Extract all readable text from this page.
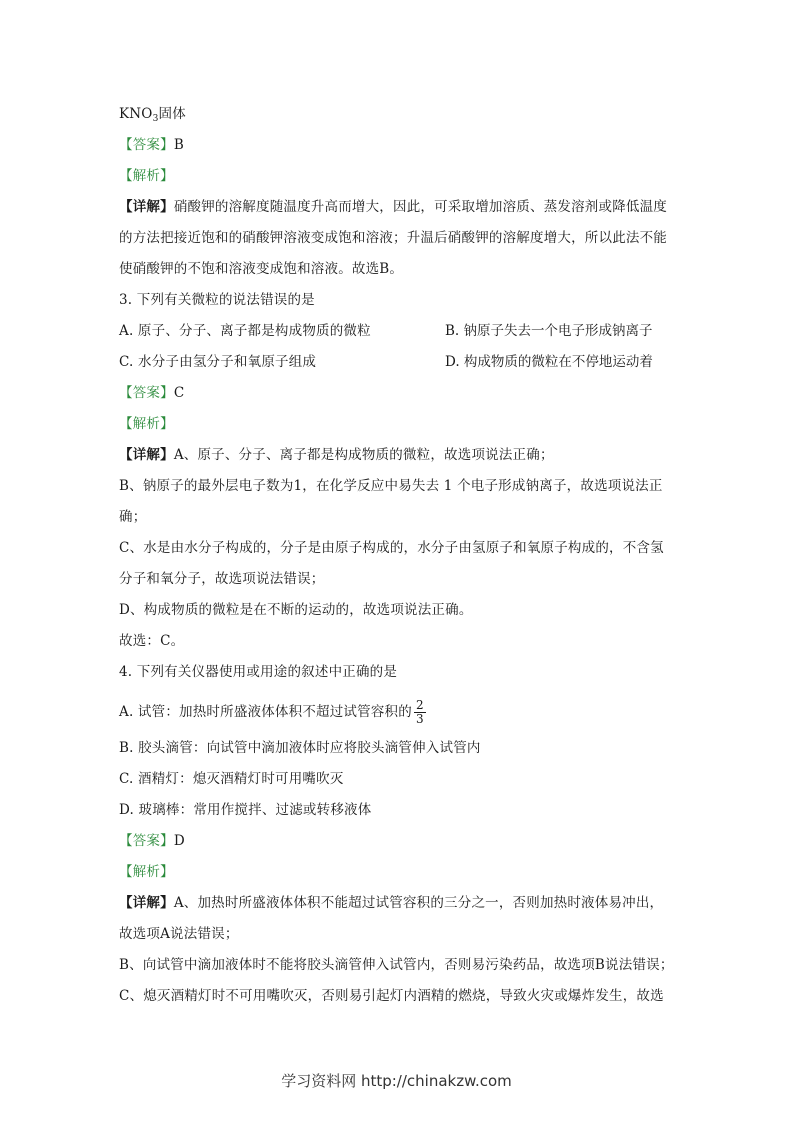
$KNO_3$固体
【答案】B
【解析】
【详解】硝酸钾的溶解度随温度升高而增大，因此，可采取增加溶质、蒸发溶剂或降低温度
的方法把接近饱和的硝酸钾溶液变成饱和溶液；升温后硝酸钾的溶解度增大，所以此法不能
使硝酸钾的不饱和溶液变成饱和溶液。故选B。
3. 下列有关微粒的说法错误的是
A. 原子、分子、离子都是构成物质的微粒	B. 钠原子失去一个电子形成钠离子
C. 水分子由氢分子和氧原子组成	D. 构成物质的微粒在不停地运动着
【答案】C
【解析】
【详解】A、原子、分子、离子都是构成物质的微粒，故选项说法正确；
B、钠原子的最外层电子数为1，在化学反应中易失去 1 个电子形成钠离子，故选项说法正
确；
C、水是由水分子构成的，分子是由原子构成的，水分子由氢原子和氧原子构成的，不含氢
分子和氧分子，故选项说法错误；
D、构成物质的微粒是在不断的运动的，故选项说法正确。
故选：C。
4. 下列有关仪器使用或用途的叙述中正确的是
A. 试管：加热时所盛液体体积不超过试管容积的 $\frac{2}{3}$
B. 胶头滴管：向试管中滴加液体时应将胶头滴管伸入试管内
C. 酒精灯：熄灭酒精灯时可用嘴吹灭
D. 玻璃棒：常用作搅拌、过滤或转移液体
【答案】D
【解析】
【详解】A、加热时所盛液体体积不能超过试管容积的三分之一，否则加热时液体易冲出，
故选项A说法错误；
B、向试管中滴加液体时不能将胶头滴管伸入试管内，否则易污染药品，故选项B说法错误；
C、熄灭酒精灯时不可用嘴吹灭，否则易引起灯内酒精的燃烧，导致火灾或爆炸发生，故选
学习资料网 http://chinakzw.com
